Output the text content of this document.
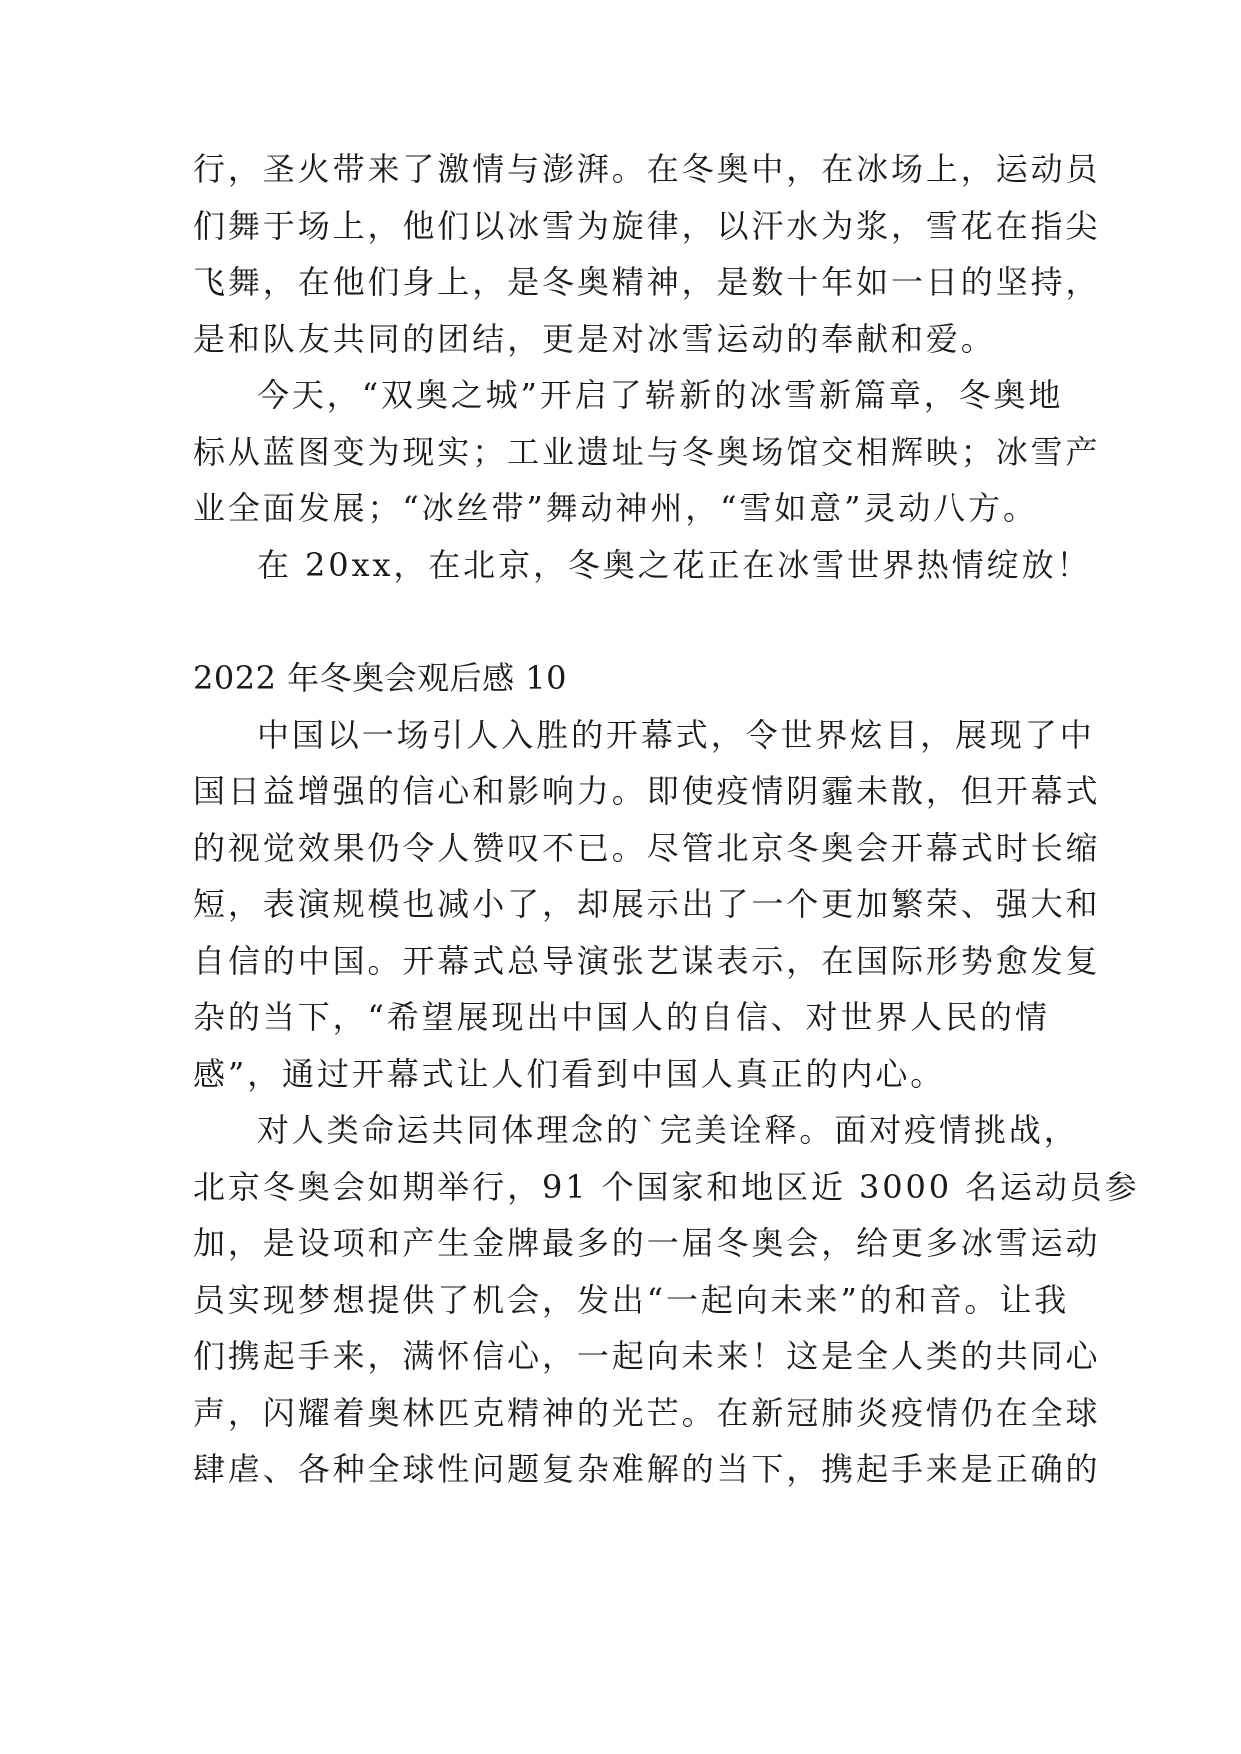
行，圣火带来了激情与澎湃。在冬奥中，在冰场上，运动员
们舞于场上，他们以冰雪为旋律，以汗水为浆，雪花在指尖
飞舞，在他们身上，是冬奥精神，是数十年如一日的坚持，
是和队友共同的团结，更是对冰雪运动的奉献和爱。
今天，“双奥之城”开启了崭新的冰雪新篇章，冬奥地
标从蓝图变为现实；工业遗址与冬奥场馆交相辉映；冰雪产
业全面发展；“冰丝带”舞动神州，“雪如意”灵动八方。
在 20xx，在北京，冬奥之花正在冰雪世界热情绽放！
2022 年冬奥会观后感 10
中国以一场引人入胜的开幕式，令世界炫目，展现了中
国日益增强的信心和影响力。即使疫情阴霾未散，但开幕式
的视觉效果仍令人赞叹不已。尽管北京冬奥会开幕式时长缩
短，表演规模也减小了，却展示出了一个更加繁荣、强大和
自信的中国。开幕式总导演张艺谋表示，在国际形势愈发复
杂的当下，“希望展现出中国人的自信、对世界人民的情
感”，通过开幕式让人们看到中国人真正的内心。
对人类命运共同体理念的`完美诠释。面对疫情挑战，
北京冬奥会如期举行，91 个国家和地区近 3000 名运动员参
加，是设项和产生金牌最多的一届冬奥会，给更多冰雪运动
员实现梦想提供了机会，发出“一起向未来”的和音。让我
们携起手来，满怀信心，一起向未来！这是全人类的共同心
声，闪耀着奥林匹克精神的光芒。在新冠肺炎疫情仍在全球
肆虐、各种全球性问题复杂难解的当下，携起手来是正确的
